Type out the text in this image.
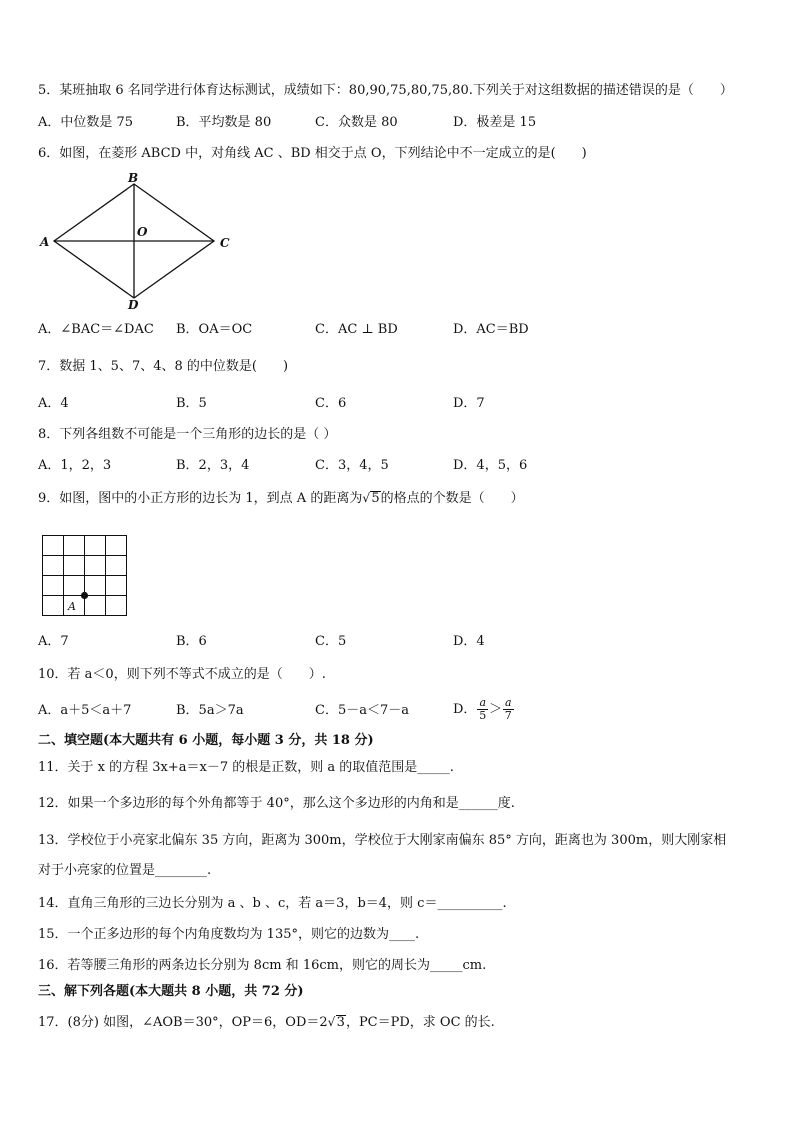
5．某班抽取 6 名同学进行体育达标测试，成绩如下：80,90,75,80,75,80.下列关于对这组数据的描述错误的是（　　）
A．中位数是 75	B．平均数是 80	C．众数是 80	D．极差是 15
6．如图，在菱形 ABCD 中，对角线 AC 、BD 相交于点 O，下列结论中不一定成立的是(　　)
A
B
C
D
O
A．∠BAC＝∠DAC B．OA＝OC	C．AC ⊥ BD	D．AC＝BD
7．数据 1、5、7、4、8 的中位数是(　　)
A．4	B．5	C．6	D．7
8．下列各组数不可能是一个三角形的边长的是（ ）
A．1，2，3	B．2，3，4	C．3，4，5	D．4，5，6
9．如图，图中的小正方形的边长为 1，到点 A 的距离为 √ 5的格点的个数是（　　）
A
A．7	B．6	C．5	D．4
10．若 a＜0，则下列不等式不成立的是（　　）.
A．a＋5＜a＋7	B．5a＞7a	C．5－a＜7－a	D． $\frac{a}{5} > \frac{a}{7}$
二、填空题(本大题共有 6 小题，每小题 3 分，共 18 分)
11．关于 x 的方程 3x+a＝x－7 的根是正数，则 a 的取值范围是_____.
12．如果一个多边形的每个外角都等于 40°，那么这个多边形的内角和是______度.
13．学校位于小亮家北偏东 35 方向，距离为 300m，学校位于大刚家南偏东 85° 方向，距离也为 300m，则大刚家相
对于小亮家的位置是________.
14．直角三角形的三边长分别为 a 、b 、c，若 a＝3，b＝4，则 c＝__________.
15．一个正多边形的每个内角度数均为 135°，则它的边数为____.
16．若等腰三角形的两条边长分别为 8cm 和 16cm，则它的周长为_____cm.
三、解下列各题(本大题共 8 小题，共 72 分)
17．(8分) 如图，∠AOB＝30°，OP＝6，OD＝2 √ 3，PC＝PD，求 OC 的长.
